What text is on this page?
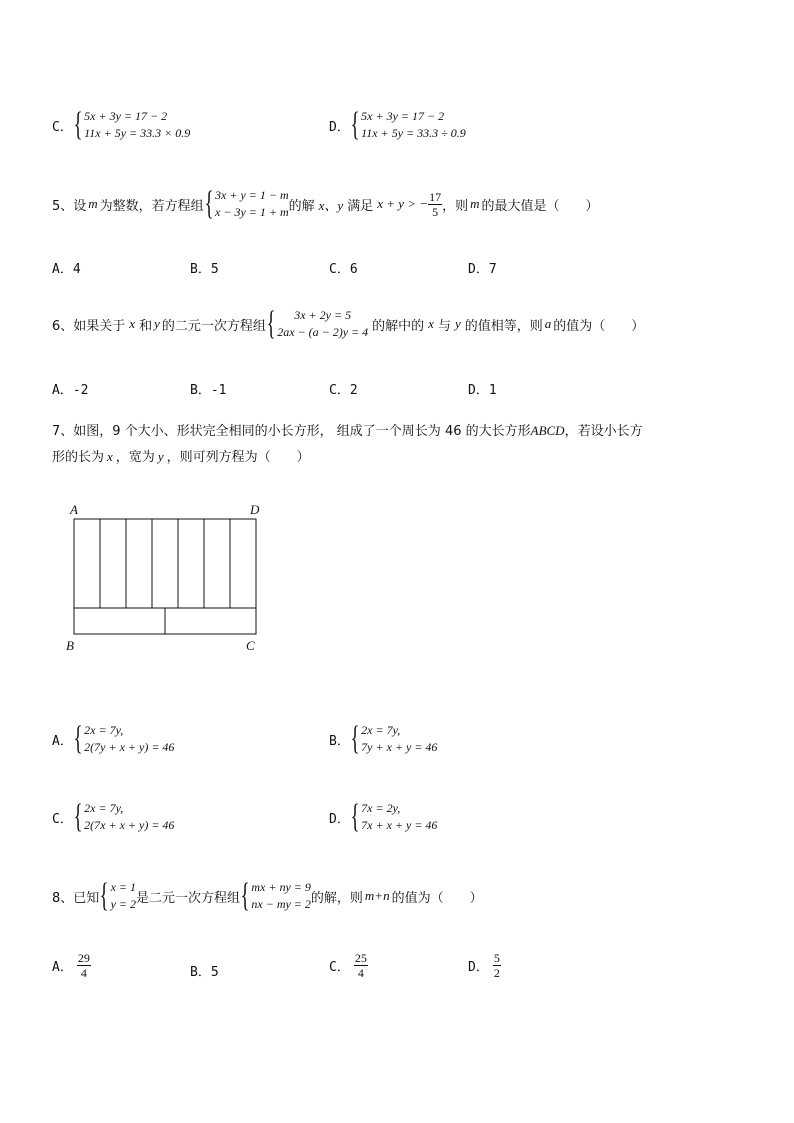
C． { 5x + 3y = 17 − 2
11x + 5y = 33.3 × 0.9	D． { 5x + 3y = 17 − 2
11x + 5y = 33.3 ÷ 0.9
5、设 m 为整数，若方程组 { 3x + y = 1 − m
x − 3y = 1 + m 的解 x、y 满足 x + y > − $\frac{17}{5}$ ，则 m 的最大值是（　　）
A．4	B．5	C．6	D．7
6、如果关于 x 和 y 的二元一次方程组 { 3x + 2y = 5
2ax − (a − 2)y = 4 的解中的 x 与 y 的值相等，则 a 的值为（　　）
A．-2	B．-1	C．2	D．1
7、如图，9 个大小、形状完全相同的小长方形， 组成了一个周长为 46 的大长方形ABCD，若设小长方
形的长为 x ，宽为 y ，则可列方程为（　　）
A	D
B	C
A． { 2x = 7y,
2(7y + x + y) = 46	B． { 2x = 7y,
7y + x + y = 46
C． { 2x = 7y,
2(7x + x + y) = 46	D． { 7x = 2y,
7x + x + y = 46
8、已知 { x = 1
y = 2 是二元一次方程组 { mx + ny = 9
nx − my = 2 的解，则 m+n 的值为（　　）
A． $\frac{29}{4}$	B．5	C． $\frac{25}{4}$	D． $\frac{5}{2}$
